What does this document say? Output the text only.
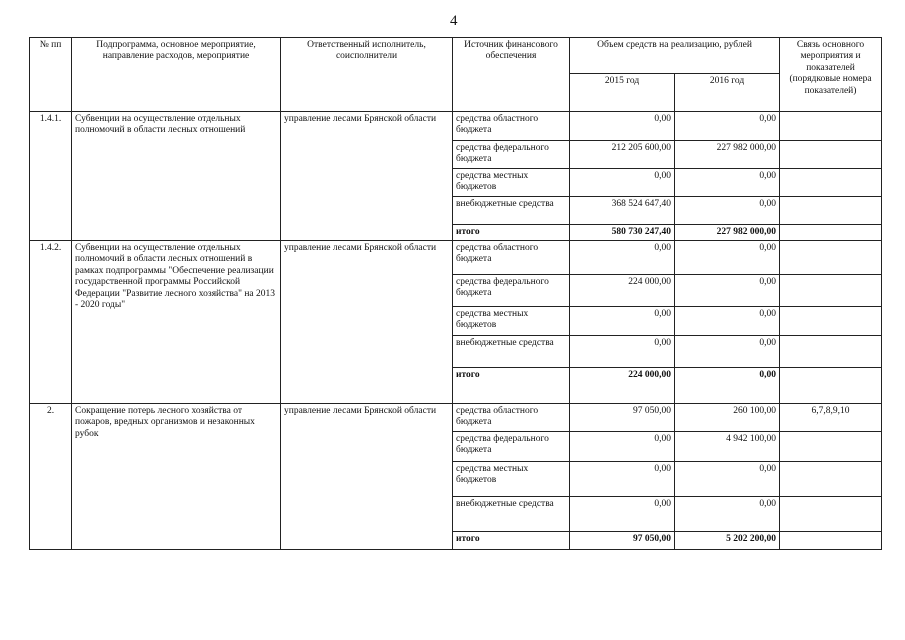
4
№ пп	Подпрограмма, основное мероприятие, направление расходов, мероприятие	Ответственный исполнитель, соисполнители	Источник финансового обеспечения	Объем средств на реализацию, рублей		Связь основного мероприятия и показателей (порядковые номера показателей)
				2015 год	2016 год	
1.4.1.	Субвенции на осуществление отдельных полномочий в области лесных отношений	управление лесами Брянской области	средства областного бюджета	0,00	0,00	
			средства федерального бюджета	212 205 600,00	227 982 000,00	
			средства местных бюджетов	0,00	0,00	
			внебюджетные средства	368 524 647,40	0,00	
			итого	580 730 247,40	227 982 000,00	
1.4.2.	Субвенции на осуществление отдельных полномочий в области лесных отношений в рамках подпрограммы "Обеспечение реализации государственной программы Российской Федерации "Развитие лесного хозяйства" на 2013 - 2020 годы"	управление лесами Брянской области	средства областного бюджета	0,00	0,00	
			средства федерального бюджета	224 000,00	0,00	
			средства местных бюджетов	0,00	0,00	
			внебюджетные средства	0,00	0,00	
			итого	224 000,00	0,00	
2.	Сокращение потерь лесного хозяйства от пожаров, вредных организмов и незаконных рубок	управление лесами Брянской области	средства областного бюджета	97 050,00	260 100,00	6,7,8,9,10
			средства федерального бюджета	0,00	4 942 100,00	
			средства местных бюджетов	0,00	0,00	
			внебюджетные средства	0,00	0,00	
			итого	97 050,00	5 202 200,00	
